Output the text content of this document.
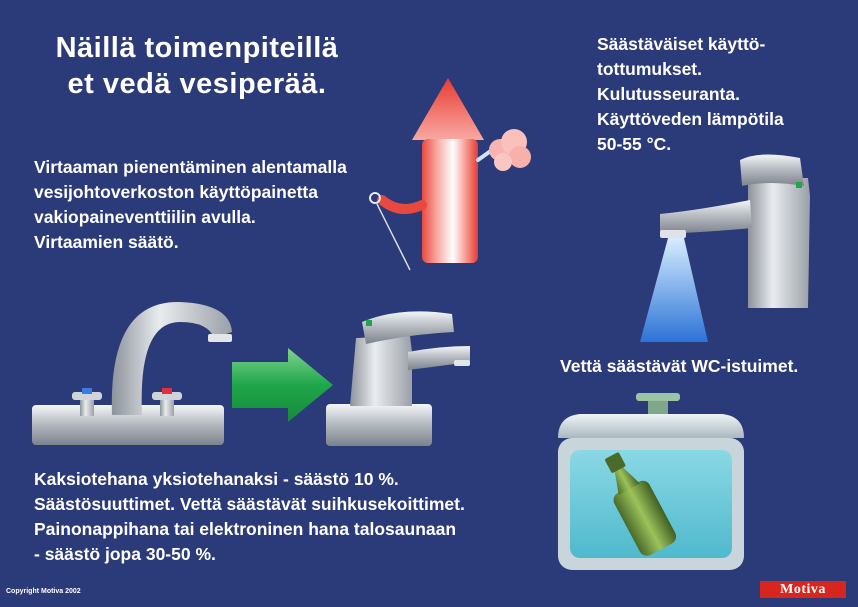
Näillä toimenpiteillä
et vedä vesiperää.
Virtaaman pienentäminen alentamalla
vesijohtoverkoston käyttöpainetta
vakiopaineventtiilin avulla.
Virtaamien säätö.
Säästäväiset käyttö-
tottumukset.
Kulutusseuranta.
Käyttöveden lämpötila
50-55 °C.
Vettä säästävät WC-istuimet.
Kaksiotehana yksiotehanaksi - säästö 10 %.
Säästösuuttimet. Vettä säästävät suihkusekoittimet.
Painonappihana tai elektroninen hana talosaunaan
- säästö jopa 30-50 %.
Copyright Motiva 2002	Motiva
